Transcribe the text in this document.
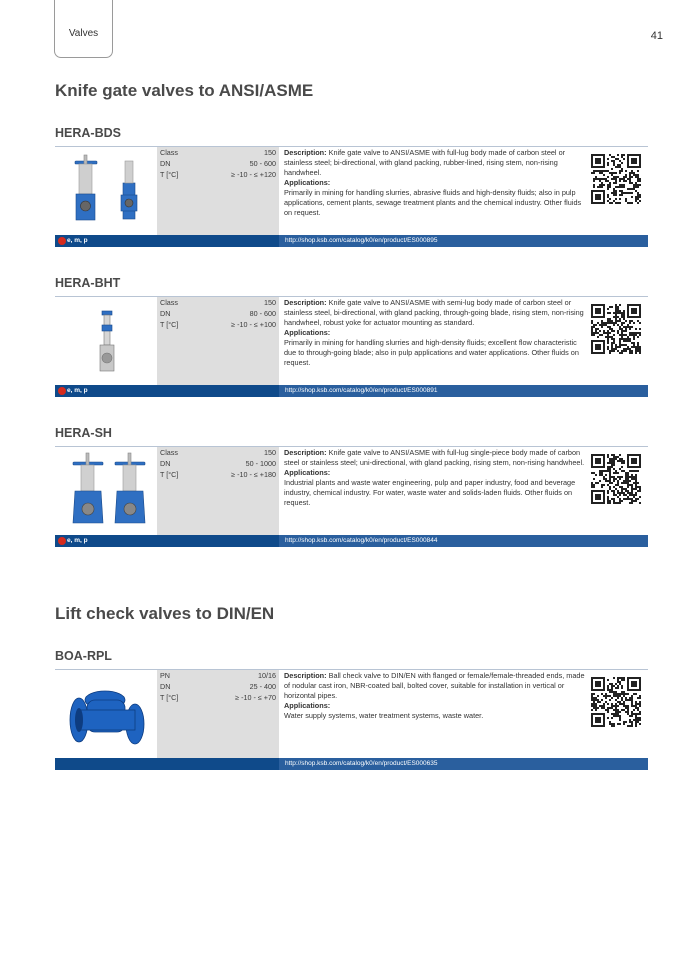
Valves	41
Knife gate valves to ANSI/ASME
HERA-BDS
Class	150
DN	50 - 600
T [°C]	≥ -10 - ≤ +120

Description: Knife gate valve to ANSI/ASME with full-lug body made of carbon steel or stainless steel; bi-directional, with gland packing, rubber-lined, rising stem, non-rising handwheel.

Applications:

Primarily in mining for handling slurries, abrasive fluids and high-density fluids; also in pulp applications, cement plants, sewage treatment plants and the chemical industry. Other fluids on request.

e, m, p	http://shop.ksb.com/catalog/k0/en/product/ES000895
HERA-BHT
Class	150
DN	80 - 600
T [°C]	≥ -10 - ≤ +100

Description: Knife gate valve to ANSI/ASME with semi-lug body made of carbon steel or stainless steel, bi-directional, with gland packing, through-going blade, rising stem, non-rising handwheel, robust yoke for actuator mounting as standard.

Applications:

Primarily in mining for handling slurries and high-density fluids; excellent flow characteristic due to through-going blade; also in pulp applications and water applications. Other fluids on request.

e, m, p	http://shop.ksb.com/catalog/k0/en/product/ES000891
HERA-SH
Class	150
DN	50 - 1000
T [°C]	≥ -10 - ≤ +180

Description: Knife gate valve to ANSI/ASME with full-lug single-piece body made of carbon steel or stainless steel; uni-directional, with gland packing, rising stem, non-rising handwheel.

Applications:

Industrial plants and waste water engineering, pulp and paper industry, food and beverage industry, chemical industry. For water, waste water and solids-laden fluids. Other fluids on request.

e, m, p	http://shop.ksb.com/catalog/k0/en/product/ES000844
Lift check valves to DIN/EN
BOA-RPL
PN	10/16
DN	25 - 400
T [°C]	≥ -10 - ≤ +70

Description: Ball check valve to DIN/EN with flanged or female/female-threaded ends, made of nodular cast iron, NBR-coated ball, bolted cover, suitable for installation in vertical or horizontal pipes.

Applications:

Water supply systems, water treatment systems, waste water.

http://shop.ksb.com/catalog/k0/en/product/ES000635
